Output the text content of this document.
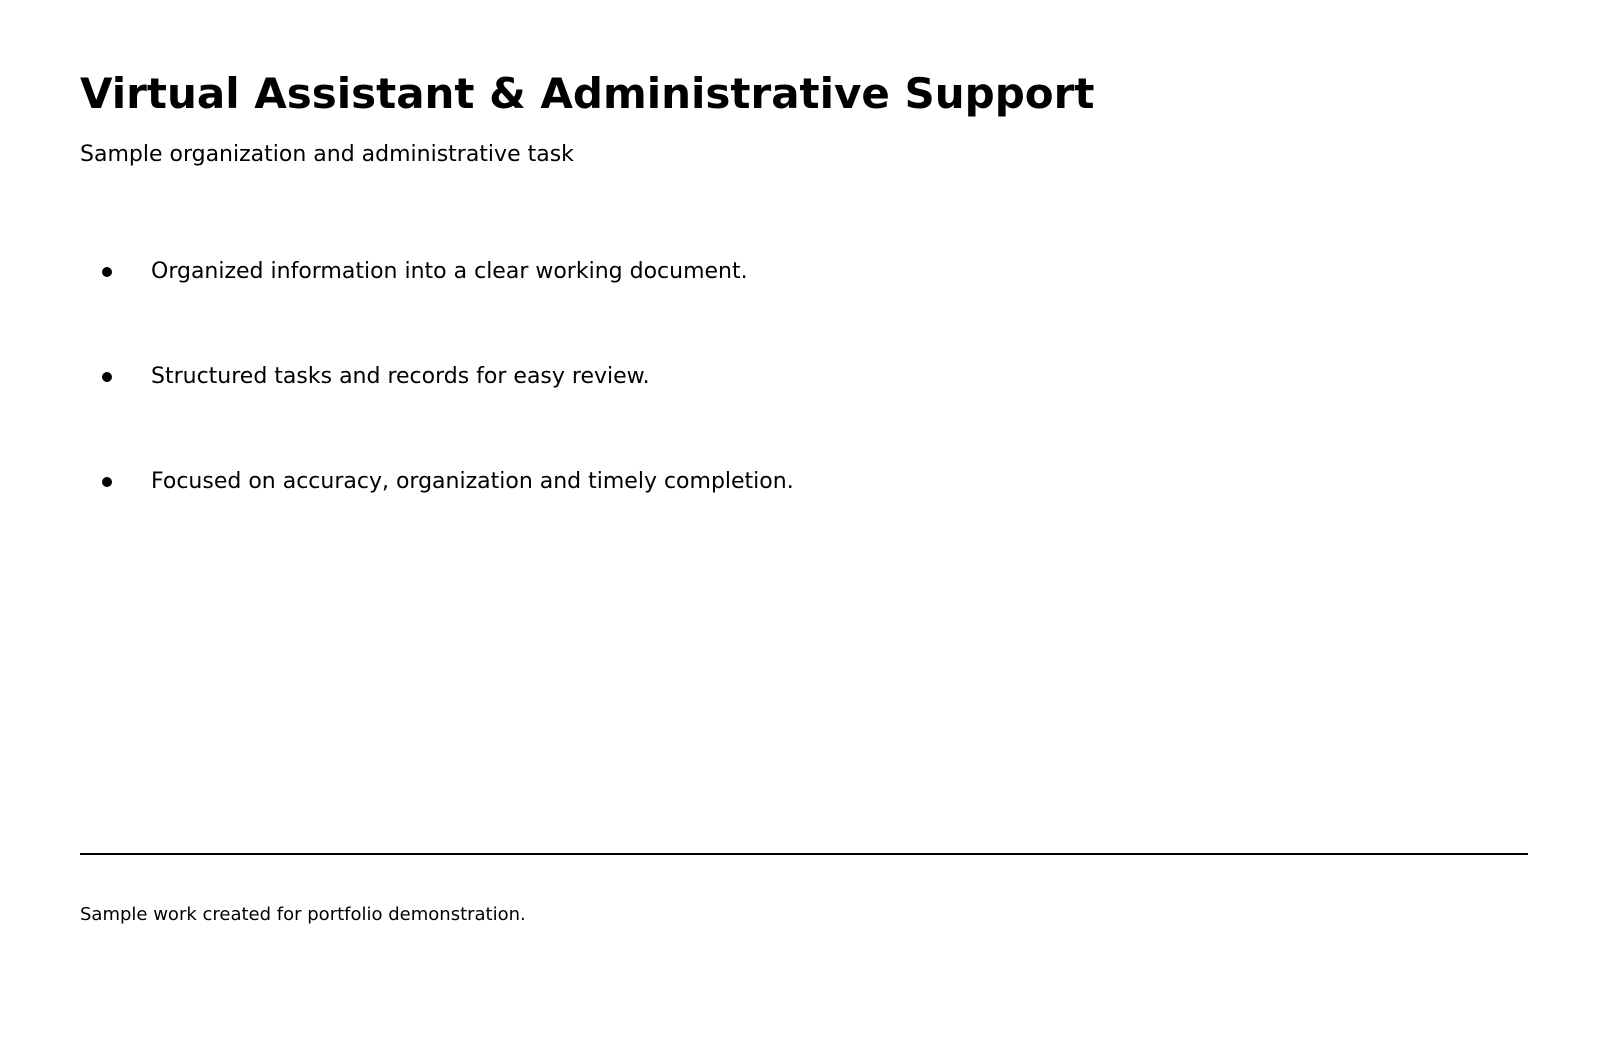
Virtual Assistant & Administrative Support

Sample organization and administrative task

Organized information into a clear working document.
Structured tasks and records for easy review.
Focused on accuracy, organization and timely completion.

Sample work created for portfolio demonstration.
